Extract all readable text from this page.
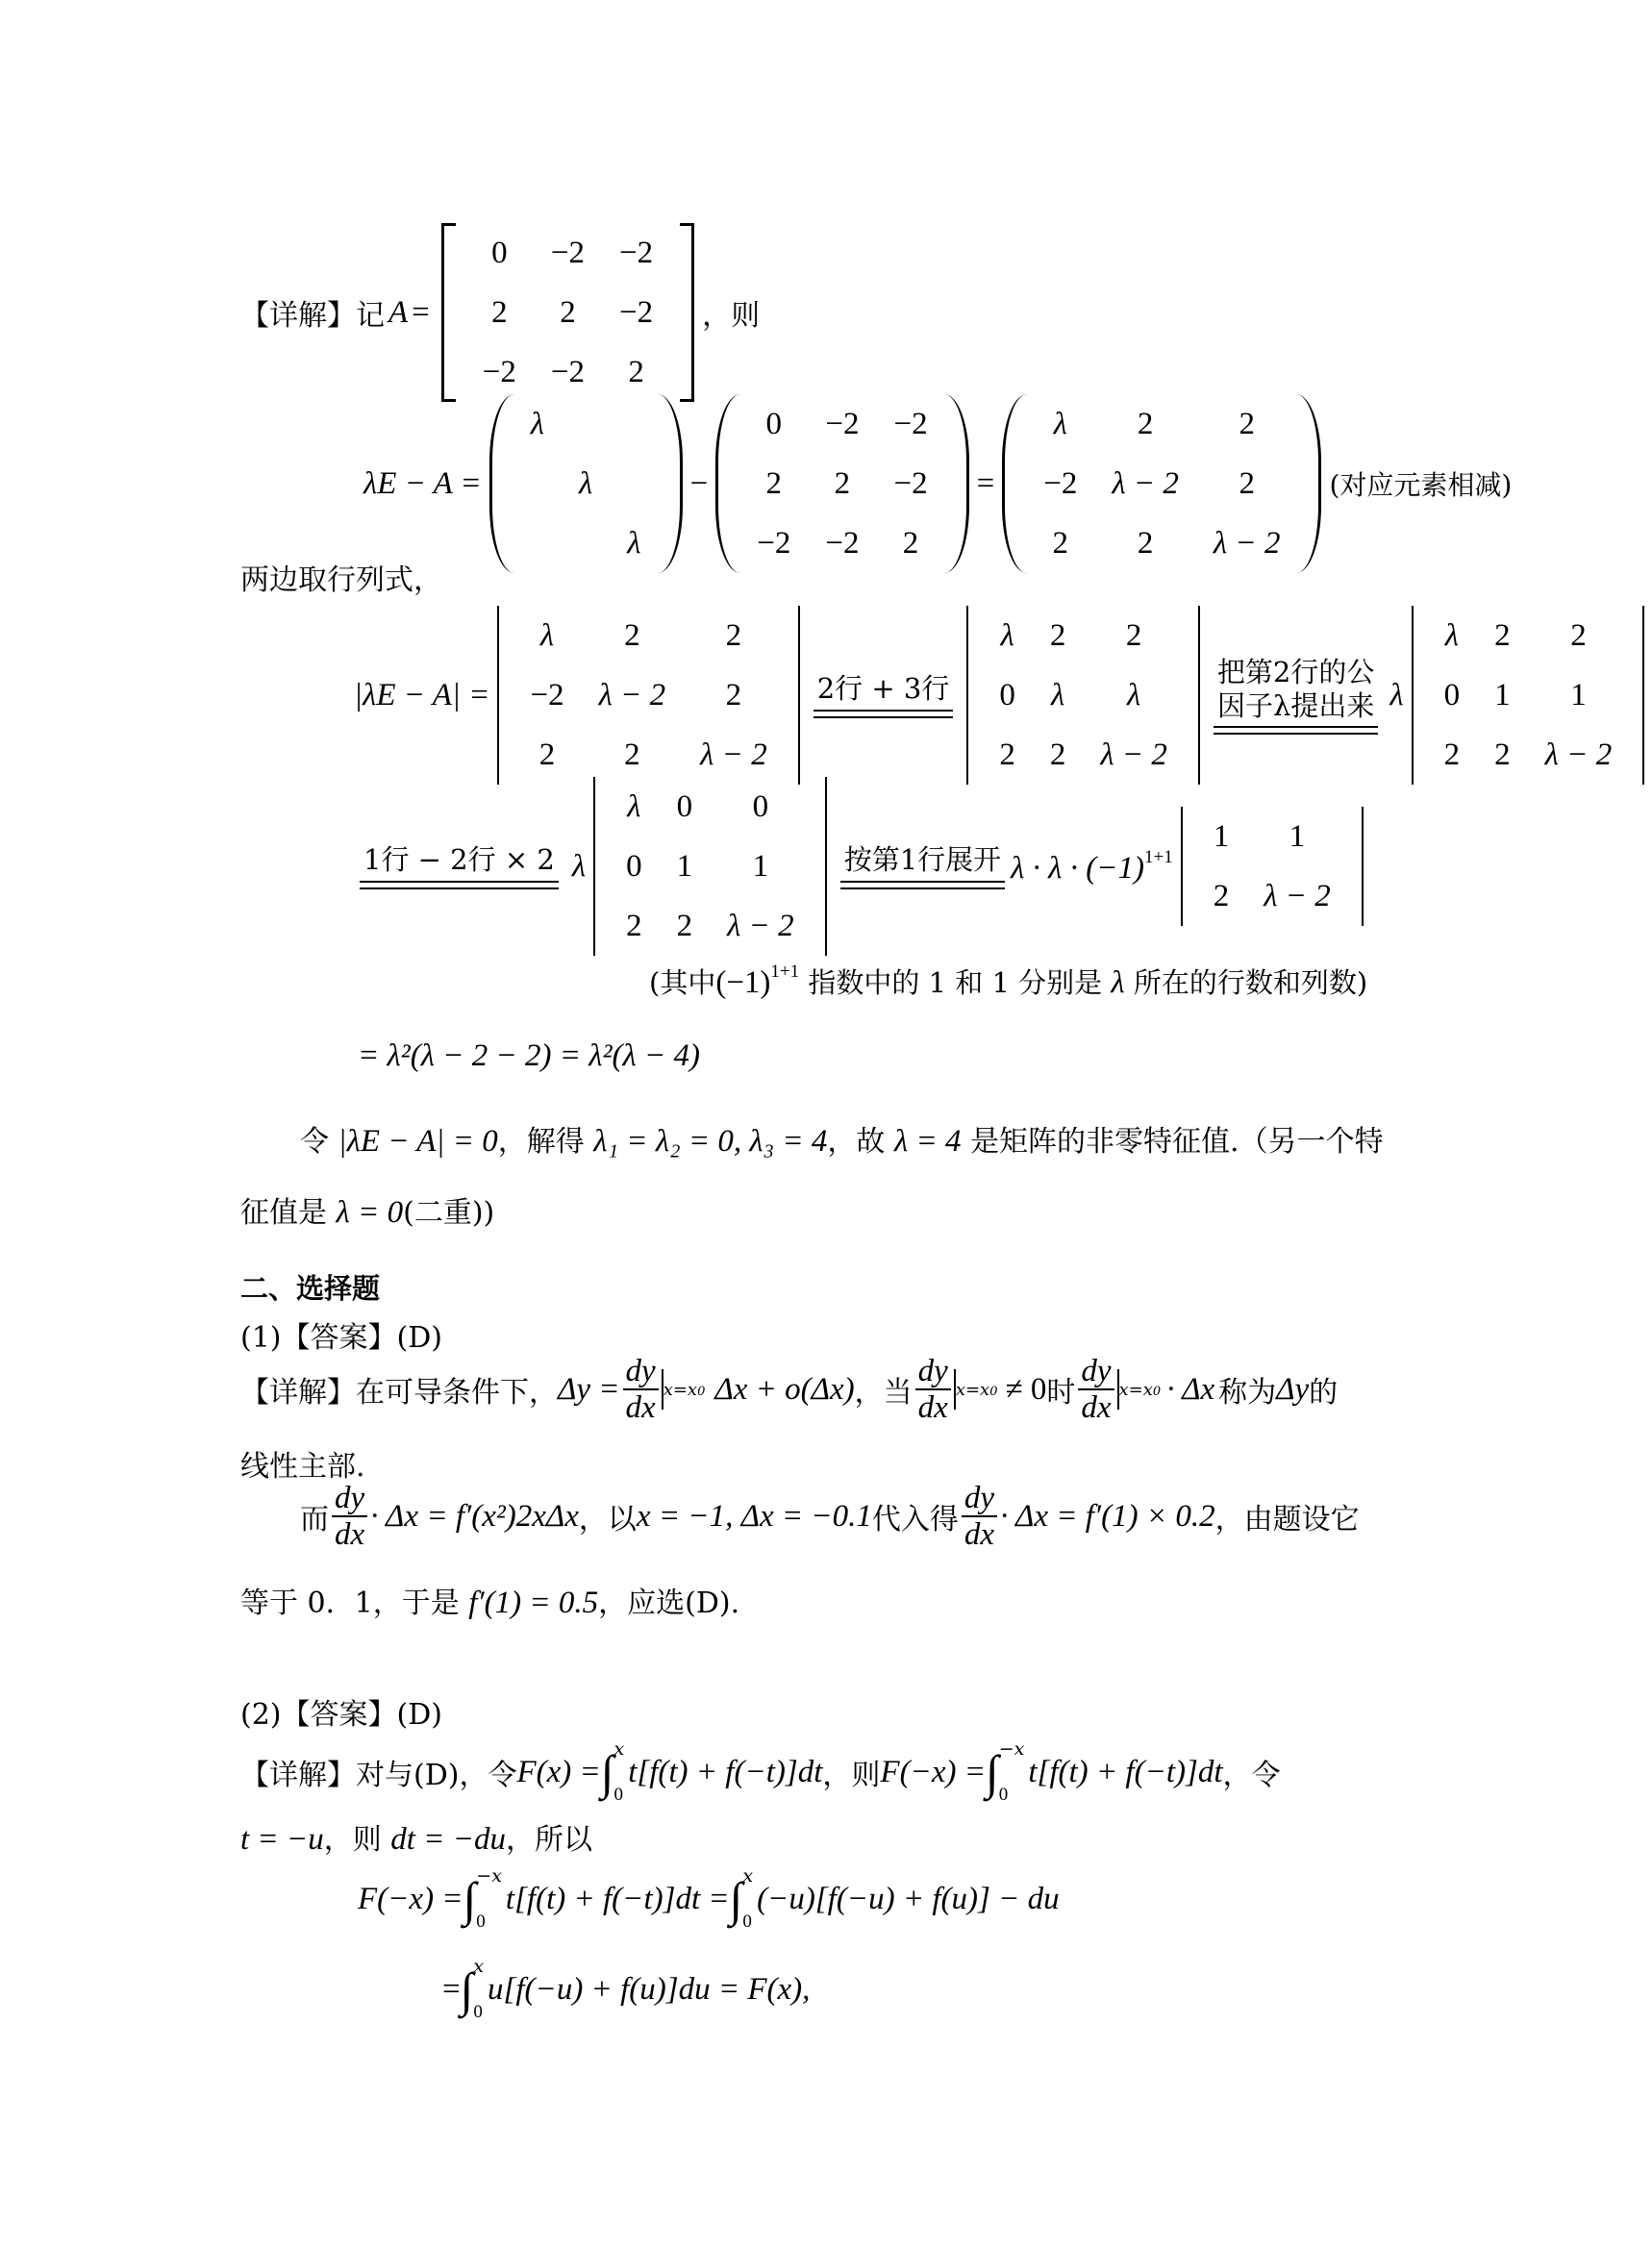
【详解】记 A =
0	−2	−2
2	2	−2
−2	−2	2
，则
λE − A =
λ		
	λ	
		λ
−
0	−2	−2
2	2	−2
−2	−2	2
=
λ	2	2
−2	λ − 2	2
2	2	λ − 2
(对应元素相减)
两边取行列式，
|λE − A| =
λ	2	2
−2	λ − 2	2
2	2	λ − 2
2行 + 3行
λ	2	2
0	λ	λ
2	2	λ − 2
把第2行的公
因子λ提出来 λ
λ	2	2
0	1	1
2	2	λ − 2
1行 − 2行 × 2 λ
λ	0	0
0	1	1
2	2	λ − 2
按第1行展开 $\lambda \cdot \lambda \cdot (-1)^{1+1}$
1	1
2	λ − 2
(其中$(-1)^{1+1}$ 指数中的 1 和 1 分别是 λ 所在的行数和列数)
= λ²(λ − 2 − 2) = λ²(λ − 4)
令 |λE − A| = 0，解得 λ₁ = λ₂ = 0, λ₃ = 4，故 λ = 4 是矩阵的非零特征值.（另一个特
征值是 λ = 0(二重))
二、选择题
(1)【答案】(D)
【详解】在可导条件下， $\Delta y = \frac{dy}{dx} x=x0$ Δx + o(Δx) ，当 $\frac{dy}{dx} x=x0 \ne 0$ 时 $\frac{dy}{dx} x=x0 \cdot \Delta x$ 称为 Δy 的
线性主部.
而 $\frac{dy}{dx} \cdot \Delta x = f'(x^2)2x\Delta x$ ，以 x = −1, Δx = −0.1 代入得 $\frac{dy}{dx} \cdot \Delta x = f'(1) \times 0.2$ ，由题设它
等于 0．1，于是 f′(1) = 0.5，应选(D).
(2)【答案】(D)
【详解】对与(D)，令 F(x) = ∫ x
0
t[f(t) + f(−t)]dt ，则 F(−x) = ∫ −x
0
t[f(t) + f(−t)]dt ，令
t = −u，则 dt = −du，所以
F(−x) = ∫ −x
0
t[f(t) + f(−t)]dt = ∫ x
0
(−u)[f(−u) + f(u)] − du
= ∫ x
0
u[f(−u) + f(u)]du = F(x),
